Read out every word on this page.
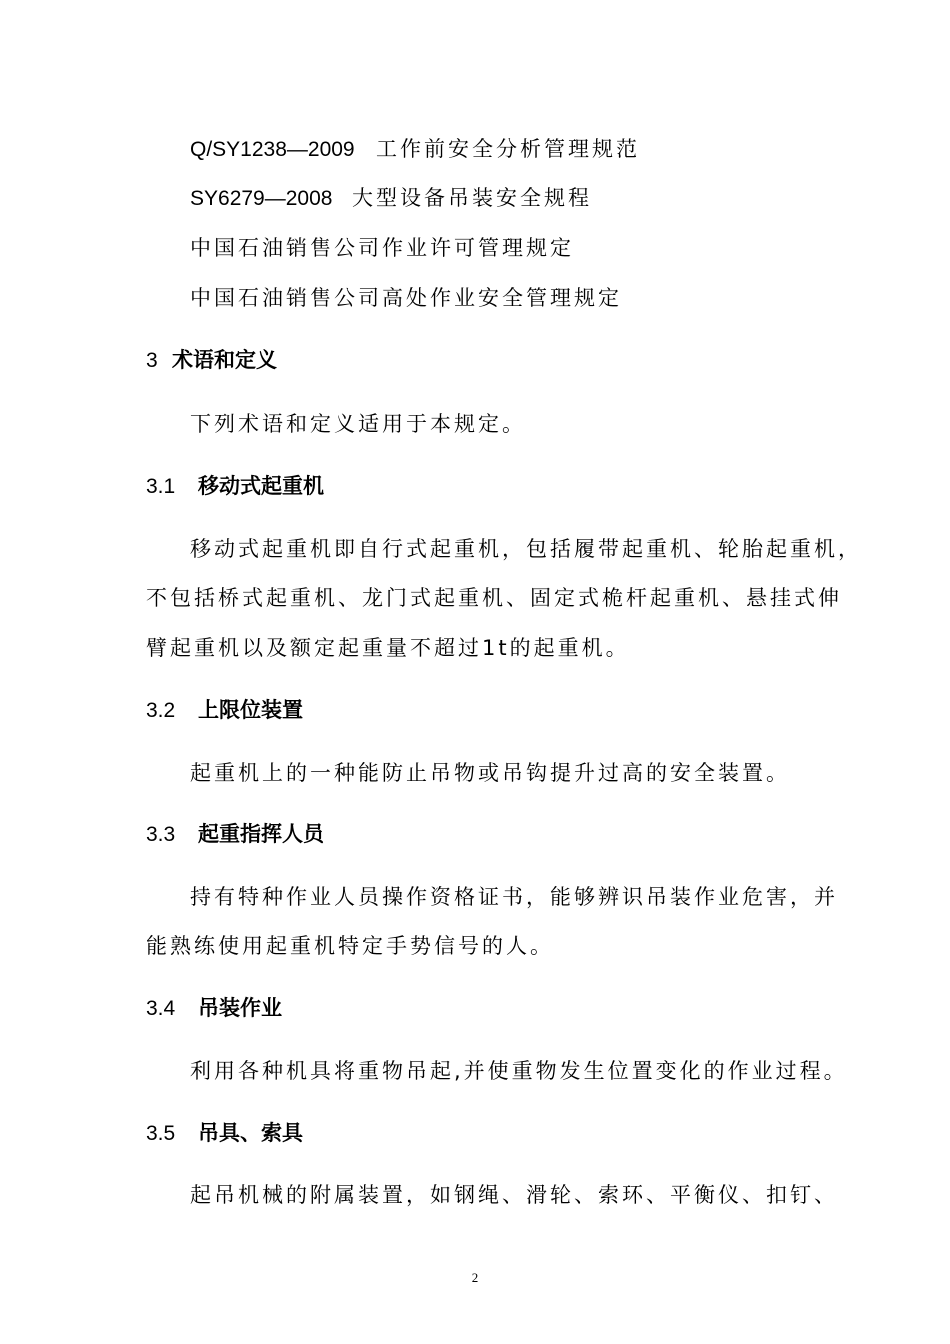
Q/SY1238—2009 工作前安全分析管理规范
SY6279—2008 大型设备吊装安全规程
中国石油销售公司作业许可管理规定
中国石油销售公司高处作业安全管理规定
3 术语和定义
下列术语和定义适用于本规定。
3.1 移动式起重机
移动式起重机即自行式起重机，包括履带起重机、轮胎起重机，
不包括桥式起重机、龙门式起重机、固定式桅杆起重机、悬挂式伸
臂起重机以及额定起重量不超过1t的起重机。
3.2 上限位装置
起重机上的一种能防止吊物或吊钩提升过高的安全装置。
3.3 起重指挥人员
持有特种作业人员操作资格证书，能够辨识吊装作业危害，并
能熟练使用起重机特定手势信号的人。
3.4 吊装作业
利用各种机具将重物吊起,并使重物发生位置变化的作业过程。
3.5 吊具、索具
起吊机械的附属装置，如钢绳、滑轮、索环、平衡仪、扣钉、
2
